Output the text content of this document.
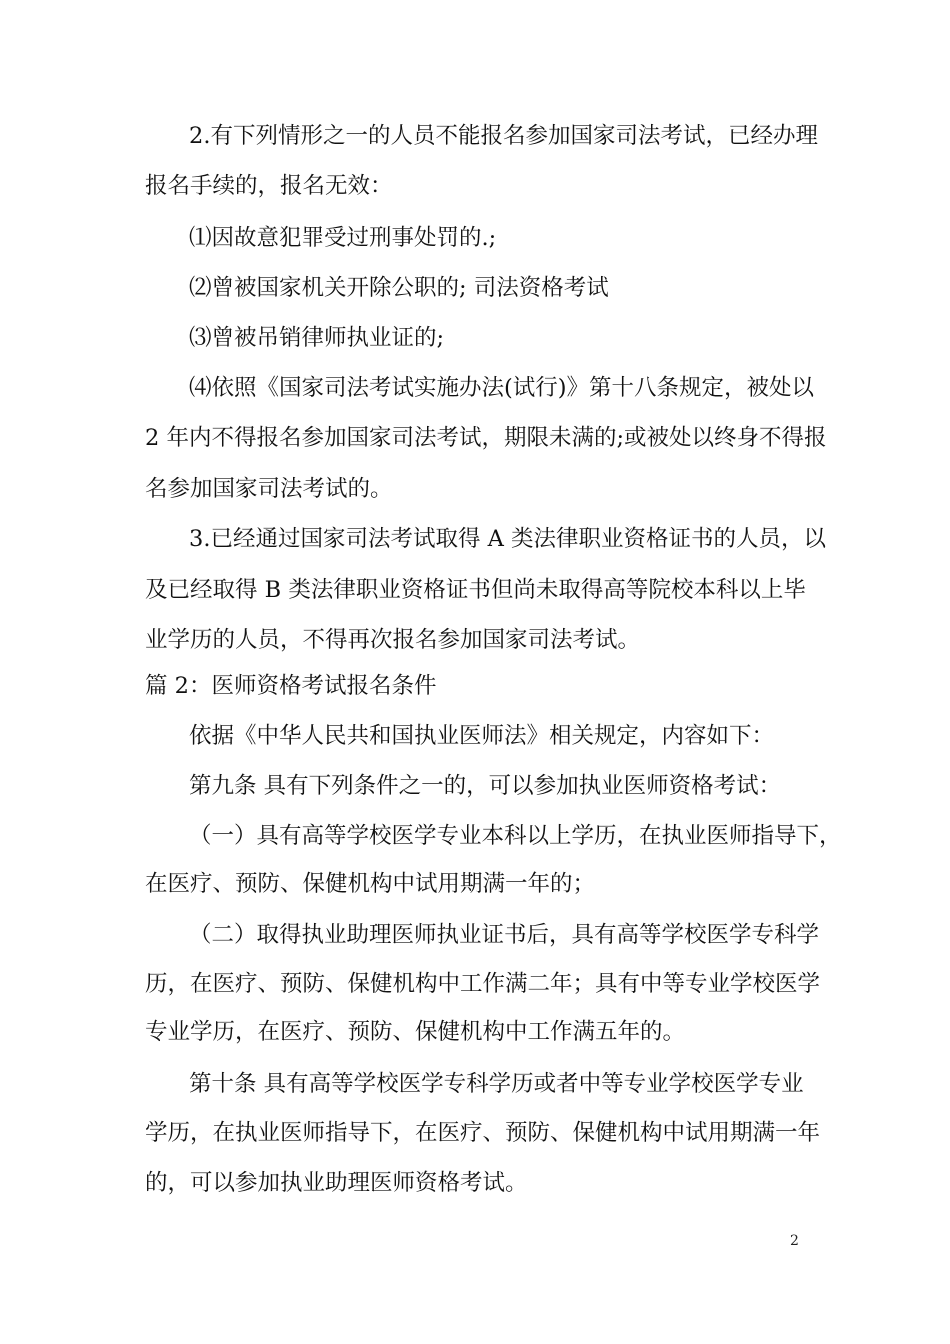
2.有下列情形之一的人员不能报名参加国家司法考试，已经办理
报名手续的，报名无效：
⑴因故意犯罪受过刑事处罚的.;
⑵曾被国家机关开除公职的; 司法资格考试
⑶曾被吊销律师执业证的;
⑷依照《国家司法考试实施办法(试行)》第十八条规定，被处以
2 年内不得报名参加国家司法考试，期限未满的;或被处以终身不得报
名参加国家司法考试的。
3.已经通过国家司法考试取得 A 类法律职业资格证书的人员，以
及已经取得 B 类法律职业资格证书但尚未取得高等院校本科以上毕
业学历的人员，不得再次报名参加国家司法考试。
篇 2：医师资格考试报名条件
依据《中华人民共和国执业医师法》相关规定，内容如下：
第九条 具有下列条件之一的，可以参加执业医师资格考试：
（一）具有高等学校医学专业本科以上学历，在执业医师指导下，
在医疗、预防、保健机构中试用期满一年的；
（二）取得执业助理医师执业证书后，具有高等学校医学专科学
历，在医疗、预防、保健机构中工作满二年；具有中等专业学校医学
专业学历，在医疗、预防、保健机构中工作满五年的。
第十条 具有高等学校医学专科学历或者中等专业学校医学专业
学历，在执业医师指导下，在医疗、预防、保健机构中试用期满一年
的，可以参加执业助理医师资格考试。
2
